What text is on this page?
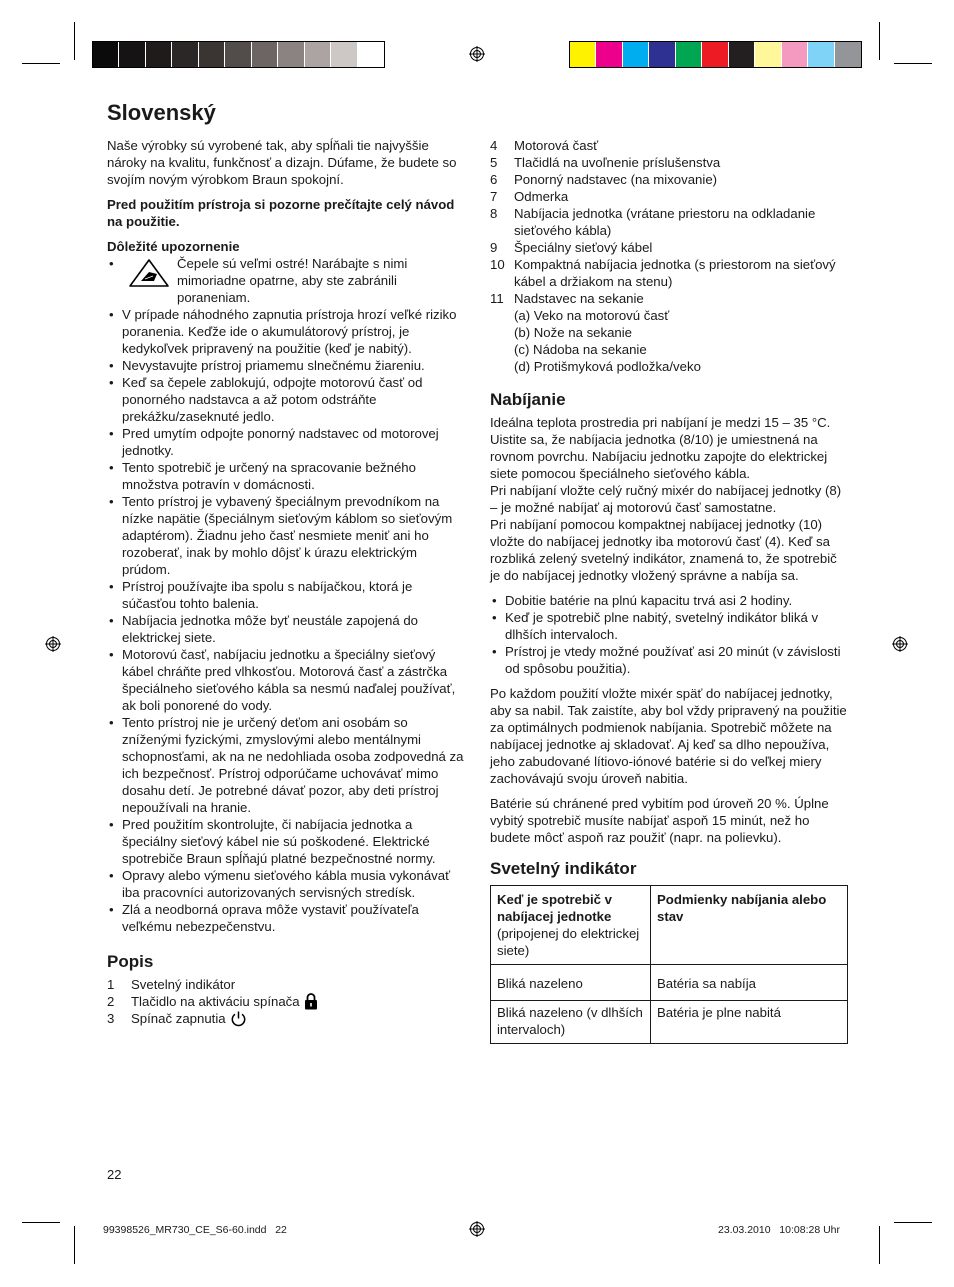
Slovenský

Naše výrobky sú vyrobené tak, aby spĺňali tie najvyššie nároky na kvalitu, funkčnosť a dizajn. Dúfame, že budete so svojím novým výrobkom Braun spokojní.

Pred použitím prístroja si pozorne prečítajte celý návod na použitie.

Dôležité upozornenie
•	Čepele sú veľmi ostré! Narábajte s nimi mimoriadne opatrne, aby ste zabránili poraneniam.
• V prípade náhodného zapnutia prístroja hrozí veľké riziko poranenia. Keďže ide o akumulátorový prístroj, je kedykoľvek pripravený na použitie (keď je nabitý).
• Nevystavujte prístroj priamemu slnečnému žiareniu.
• Keď sa čepele zablokujú, odpojte motorovú časť od ponorného nadstavca a až potom odstráňte prekážku/zaseknuté jedlo.
• Pred umytím odpojte ponorný nadstavec od motorovej jednotky.
• Tento spotrebič je určený na spracovanie bežného množstva potravín v domácnosti.
• Tento prístroj je vybavený špeciálnym prevodníkom na nízke napätie (špeciálnym sieťovým káblom so sieťovým adaptérom). Žiadnu jeho časť nesmiete meniť ani ho rozoberať, inak by mohlo dôjsť k úrazu elektrickým prúdom.
• Prístroj používajte iba spolu s nabíjačkou, ktorá je súčasťou tohto balenia.
• Nabíjacia jednotka môže byť neustále zapojená do elektrickej siete.
• Motorovú časť, nabíjaciu jednotku a špeciálny sieťový kábel chráňte pred vlhkosťou. Motorová časť a zástrčka špeciálneho sieťového kábla sa nesmú naďalej používať, ak boli ponorené do vody.
• Tento prístroj nie je určený deťom ani osobám so zníženými fyzickými, zmyslovými alebo mentálnymi schopnosťami, ak na ne nedohliada osoba zodpovedná za ich bezpečnosť. Prístroj odporúčame uchovávať mimo dosahu detí. Je potrebné dávať pozor, aby deti prístroj nepoužívali na hranie.
• Pred použitím skontrolujte, či nabíjacia jednotka a špeciálny sieťový kábel nie sú poškodené. Elektrické spotrebiče Braun spĺňajú platné bezpečnostné normy.
• Opravy alebo výmenu sieťového kábla musia vykonávať iba pracovníci autorizovaných servisných stredísk.
• Zlá a neodborná oprava môže vystaviť používateľa veľkému nebezpečenstvu.
Popis
1	Svetelný indikátor
2	Tlačidlo na aktiváciu spínača
3	Spínač zapnutia
22
4	Motorová časť
5	Tlačidlá na uvoľnenie príslušenstva
6	Ponorný nadstavec (na mixovanie)
7	Odmerka
8	Nabíjacia jednotka (vrátane priestoru na odkladanie sieťového kábla)
9	Špeciálny sieťový kábel
10 Kompaktná nabíjacia jednotka (s priestorom na sieťový kábel a držiakom na stenu)
11 Nadstavec na sekanie
(a) Veko na motorovú časť
(b) Nože na sekanie
(c) Nádoba na sekanie
(d) Protišmyková podložka/veko
Nabíjanie
Ideálna teplota prostredia pri nabíjaní je medzi 15 – 35 °C.
Uistite sa, že nabíjacia jednotka (8/10) je umiestnená na rovnom povrchu. Nabíjaciu jednotku zapojte do elektrickej siete pomocou špeciálneho sieťového kábla.
Pri nabíjaní vložte celý ručný mixér do nabíjacej jednotky (8) – je možné nabíjať aj motorovú časť samostatne.
Pri nabíjaní pomocou kompaktnej nabíjacej jednotky (10) vložte do nabíjacej jednotky iba motorovú časť (4). Keď sa rozbliká zelený svetelný indikátor, znamená to, že spotrebič je do nabíjacej jednotky vložený správne a nabíja sa.
• Dobitie batérie na plnú kapacitu trvá asi 2 hodiny.
• Keď je spotrebič plne nabitý, svetelný indikátor bliká v dlhších intervaloch.
• Prístroj je vtedy možné používať asi 20 minút (v závislosti od spôsobu použitia).

Po každom použití vložte mixér späť do nabíjacej jednotky, aby sa nabil. Tak zaistíte, aby bol vždy pripravený na použitie za optimálnych podmienok nabíjania. Spotrebič môžete na nabíjacej jednotke aj skladovať. Aj keď sa dlho nepoužíva, jeho zabudované lítiovo-iónové batérie si do veľkej miery zachovávajú svoju úroveň nabitia.

Batérie sú chránené pred vybitím pod úroveň 20 %. Úplne vybitý spotrebič musíte nabíjať aspoň 15 minút, než ho budete môcť aspoň raz použiť (napr. na polievku).

Svetelný indikátor
Keď je spotrebič v nabíjacej jednotke
(pripojenej do elektrickej siete)	Podmienky nabíjania alebo stav
Bliká nazeleno	Batéria sa nabíja
Bliká nazeleno (v dlhších intervaloch)	Batéria je plne nabitá
99398526_MR730_CE_S6-60.indd   22	23.03.2010   10:08:28 Uhr
